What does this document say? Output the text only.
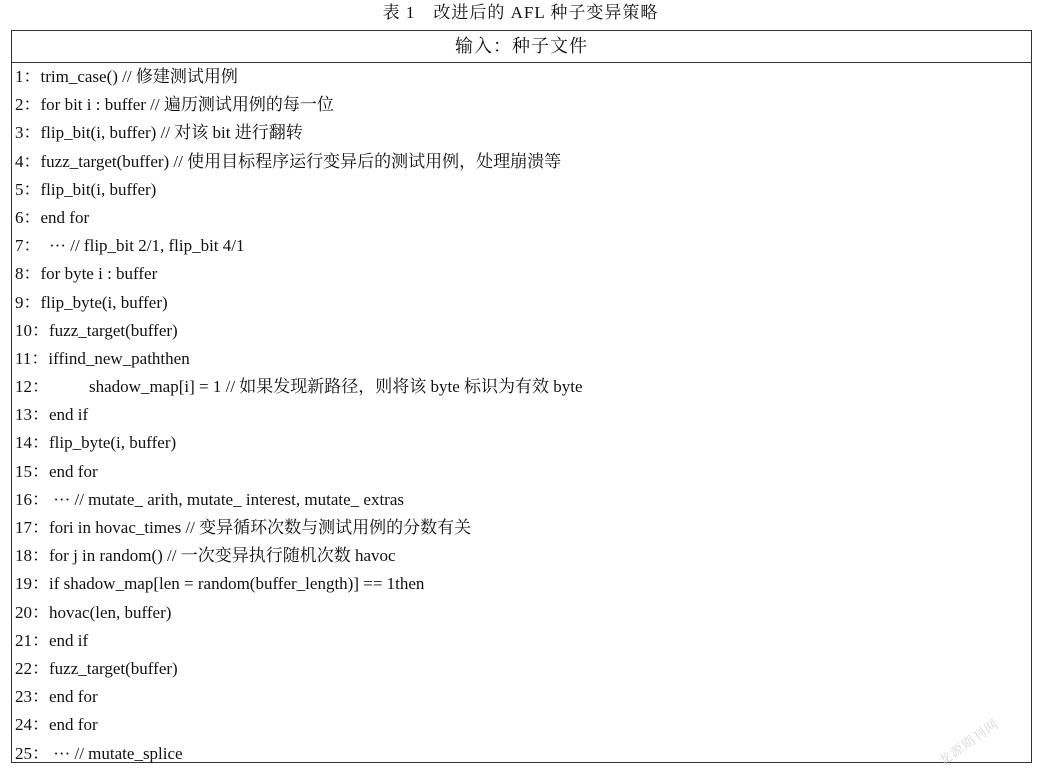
表 1　改进后的 AFL 种子变异策略
输入：种子文件
1：trim_case() // 修建测试用例
2：for bit i : buffer // 遍历测试用例的每一位
3：flip_bit(i, buffer) // 对该 bit 进行翻转
4：fuzz_target(buffer) // 使用目标程序运行变异后的测试用例，处理崩溃等
5：flip_bit(i, buffer)
6：end for
7：  ··· // flip_bit 2/1, flip_bit 4/1
8：for byte i : buffer
9：flip_byte(i, buffer)
10：fuzz_target(buffer)
11：iffind_new_paththen
12： shadow_map[i] = 1 // 如果发现新路径，则将该 byte 标识为有效 byte
13：end if
14：flip_byte(i, buffer)
15：end for
16： ··· // mutate_ arith, mutate_ interest, mutate_ extras
17：fori in hovac_times // 变异循环次数与测试用例的分数有关
18：for j in random() // 一次变异执行随机次数 havoc
19：if shadow_map[len = random(buffer_length)] == 1then
20：hovac(len, buffer)
21：end if
22：fuzz_target(buffer)
23：end for
24：end for
25： ··· // mutate_splice	龙源期刊网
